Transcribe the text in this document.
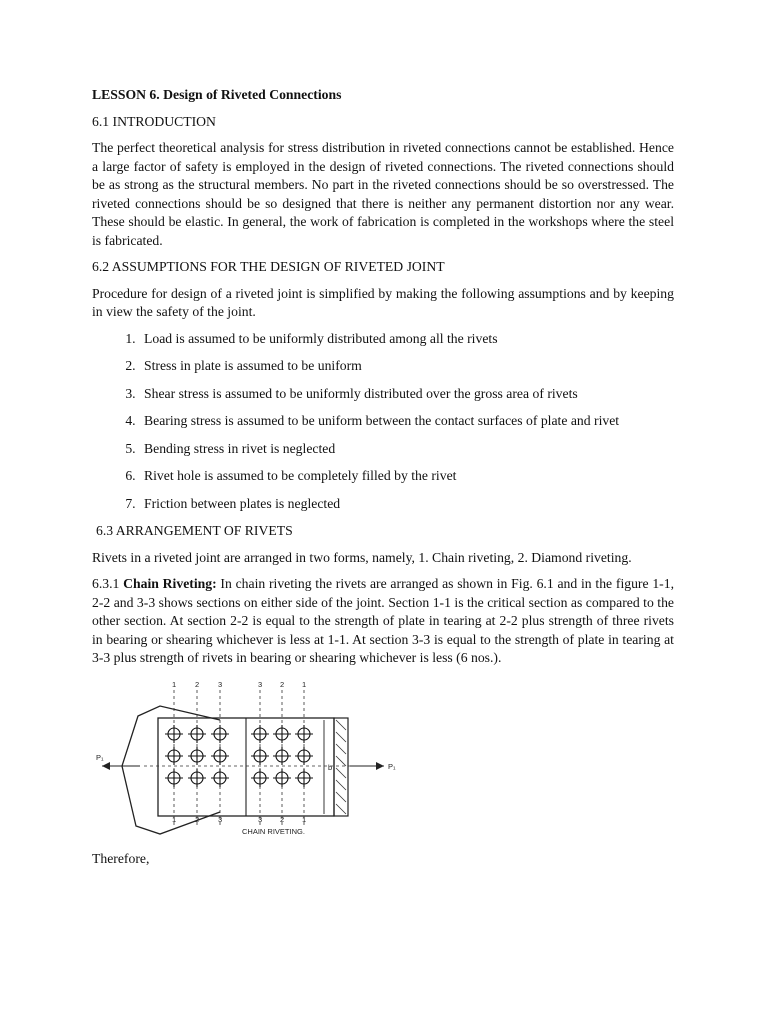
LESSON 6. Design of Riveted Connections
6.1 INTRODUCTION

The perfect theoretical analysis for stress distribution in riveted connections cannot be established. Hence a large factor of safety is employed in the design of riveted connections. The riveted connections should be as strong as the structural members. No part in the riveted connections should be so overstressed. The riveted connections should be so designed that there is neither any permanent distortion nor any wear. These should be elastic. In general, the work of fabrication is completed in the workshops where the steel is fabricated.

6.2 ASSUMPTIONS FOR THE DESIGN OF RIVETED JOINT

Procedure for design of a riveted joint is simplified by making the following assumptions and by keeping in view the safety of the joint.

1. Load is assumed to be uniformly distributed among all the rivets
2. Stress in plate is assumed to be uniform
3. Shear stress is assumed to be uniformly distributed over the gross area of rivets
4. Bearing stress is assumed to be uniform between the contact surfaces of plate and rivet
5. Bending stress in rivet is neglected
6. Rivet hole is assumed to be completely filled by the rivet
7. Friction between plates is neglected
6.3 ARRANGEMENT OF RIVETS

Rivets in a riveted joint are arranged in two forms, namely, 1. Chain riveting, 2. Diamond riveting.

6.3.1 Chain Riveting: In chain riveting the rivets are arranged as shown in Fig. 6.1 and in the figure 1-1, 2-2 and 3-3 shows sections on either side of the joint. Section 1-1 is the critical section as compared to the other section. At section 2-2 is equal to the strength of plate in tearing at 2-2 plus strength of three rivets in bearing or shearing whichever is less at 1-1. At section 3-3 is equal to the strength of plate in tearing at 3-3 plus strength of rivets in bearing or shearing whichever is less (6 nos.).

b
P₁
P₁
1	2	3	3 2 1
1	2	3	3 2 1
CHAIN RIVETING.

Therefore,
